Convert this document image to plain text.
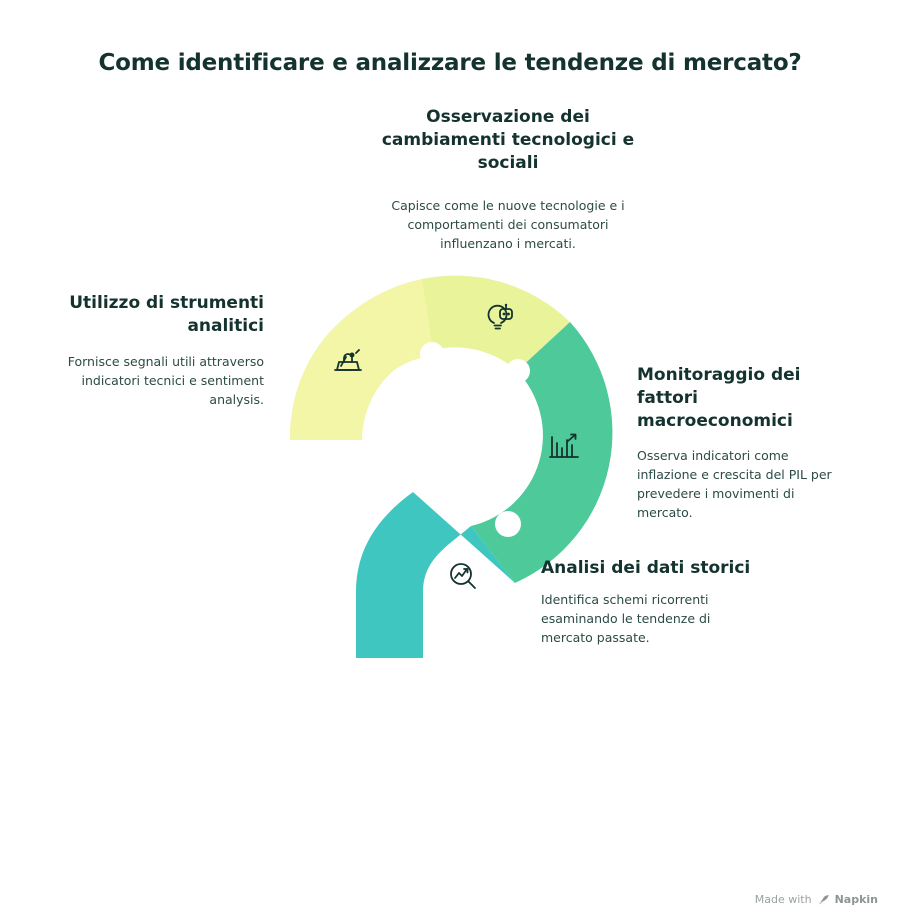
Come identificare e analizzare le tendenze di mercato?
Osservazione dei cambiamenti tecnologici e sociali
Capisce come le nuove tecnologie e i comportamenti dei consumatori influenzano i mercati.
Utilizzo di strumenti analitici
Fornisce segnali utili attraverso indicatori tecnici e sentiment analysis.
Monitoraggio dei fattori macroeconomici
Osserva indicatori come inflazione e crescita del PIL per prevedere i movimenti di mercato.
Analisi dei dati storici
Identifica schemi ricorrenti esaminando le tendenze di mercato passate.
Made with Napkin
